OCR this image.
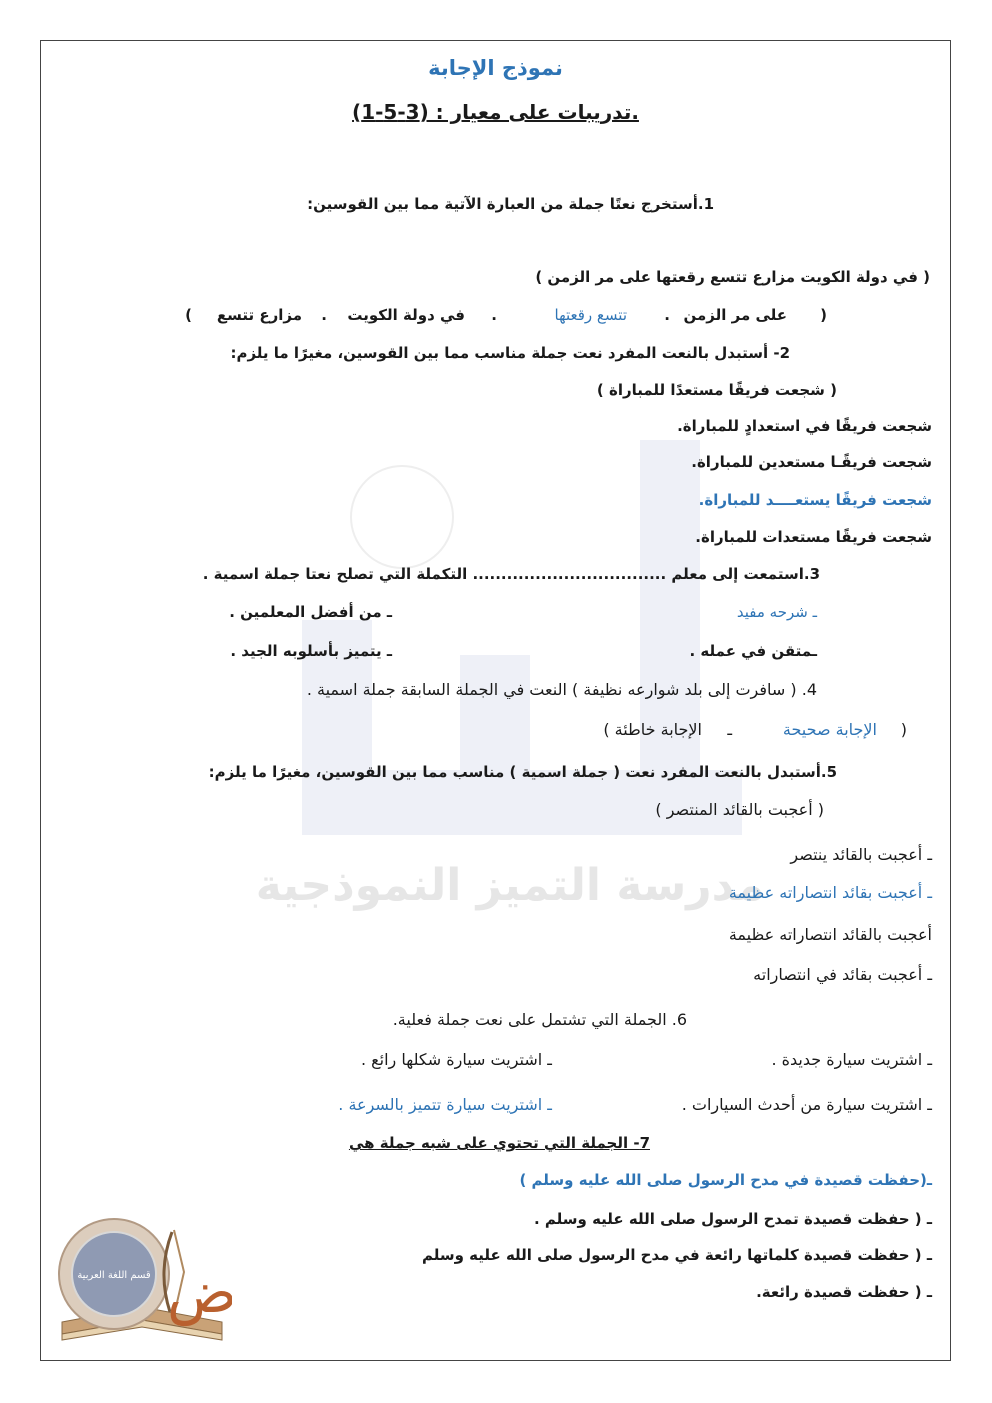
مدرسة التميز النموذجية
نموذج الإجابة
.تدريبات على معيار : (3-5-1)
1.أستخرج نعتًا جملة من العبارة الآتية مما بين القوسين:
( في دولة الكويت مزارع تتسع رقعتها على مر الزمن )
(
على مر الزمن
.
تتسع رقعتها
.
في دولة الكويت
.
مزارع تتسع
)
2- أستبدل بالنعت المفرد نعت جملة مناسب مما بين القوسين، مغيرًا ما يلزم:
( شجعت فريقًا مستعدًا للمباراة )
شجعت فريقًا في استعدادٍ للمباراة.
شجعت فريقًـا مستعدين للمباراة.
شجعت فريقًا يستعــــد للمباراة.
شجعت فريقًا مستعدات للمباراة.
3.استمعت إلى معلم .................................. التكملة التي تصلح نعتا جملة اسمية .
ـ شرحه مفيد
ـ من أفضل المعلمين .
ـمتقن في عمله .
ـ يتميز بأسلوبه الجيد .
4. ( سافرت إلى بلد شوارعه نظيفة ) النعت في الجملة السابقة جملة اسمية .
(
الإجابة صحيحة
ـ
الإجابة خاطئة )
5.أستبدل بالنعت المفرد نعت ( جملة اسمية ) مناسب مما بين القوسين، مغيرًا ما يلزم:
( أعجبت بالقائد المنتصر )
ـ أعجبت بالقائد ينتصر
ـ أعجبت بقائد انتصاراته عظيمة
أعجبت بالقائد انتصاراته عظيمة
ـ أعجبت بقائد في انتصاراته
6. الجملة التي تشتمل على نعت جملة فعلية.
ـ اشتريت سيارة جديدة .
ـ اشتريت سيارة شكلها رائع .
ـ اشتريت سيارة من أحدث السيارات .
ـ اشتريت سيارة تتميز بالسرعة .
7- الجملة التي تحتوي على شبه جملة هي
ـ(حفظت قصيدة في مدح الرسول صلى الله عليه وسلم )
ـ ( حفظت قصيدة تمدح الرسول صلى الله عليه وسلم .
ـ ( حفظت قصيدة كلماتها رائعة في مدح الرسول صلى الله عليه وسلم
ـ ( حفظت قصيدة رائعة.
ض
قسم اللغة العربية
